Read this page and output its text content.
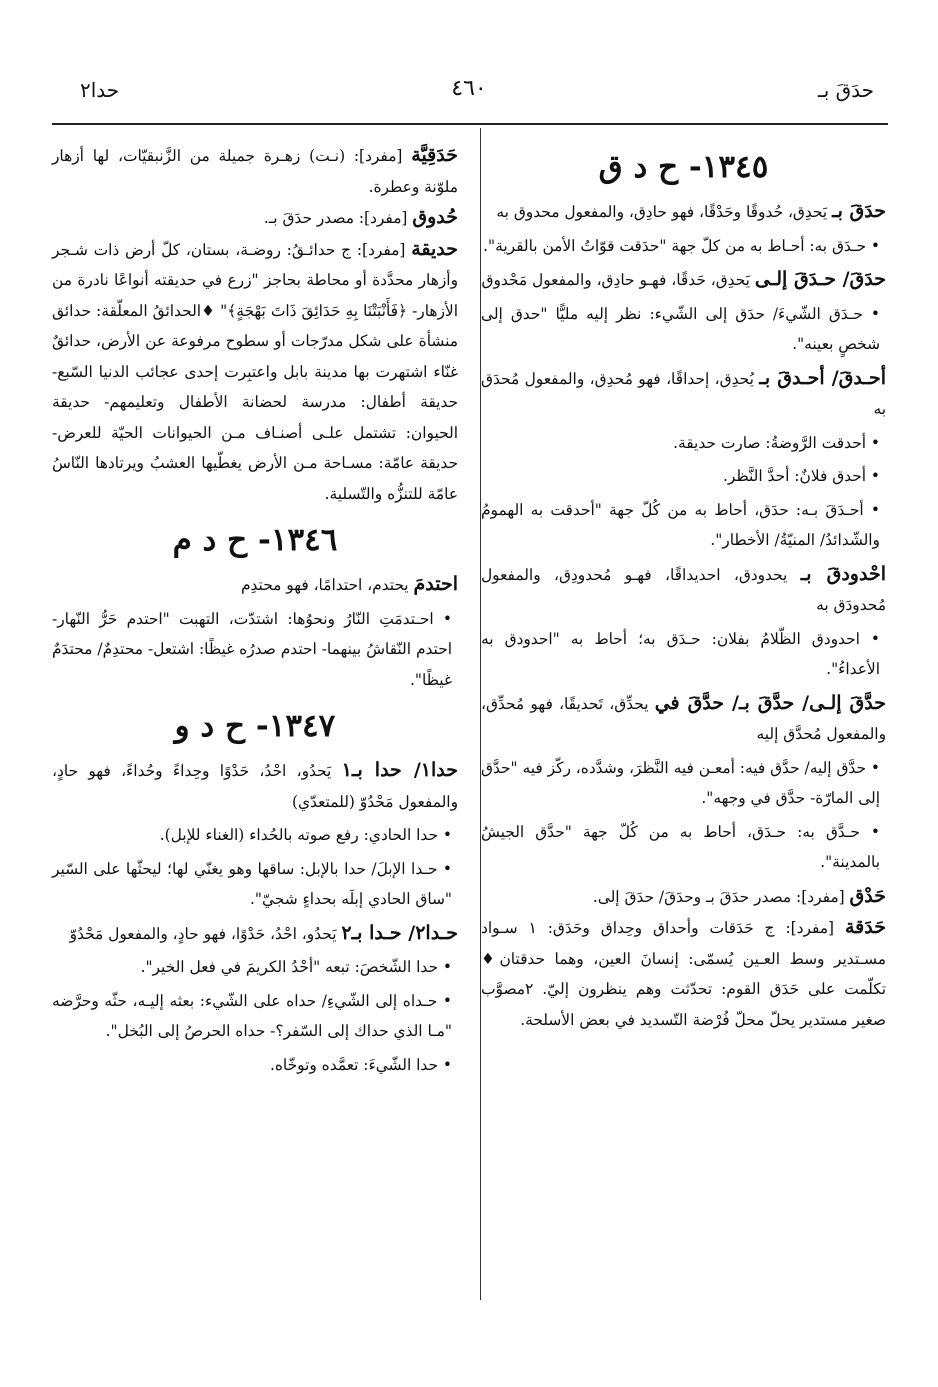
حدَقَ بـ
٤٦٠
حدا٢
١٣٤٥- ح د ق

حدَقَ بـ يَحدِق، حُدوقًا وحَدْقًا، فهو حادِق، والمفعول محدوق به

• حـدَق به: أحـاط به من كلّ جهة "حدَقت قوّاتُ الأمن بالقرية".

حدَقَ/ حـدَقَ إلـى يَحدِق، حَدقًا، فهـو حادِق، والمفعول مَحْدوق

• حـدَق الشّيءَ/ حدَق إلى الشّيء: نظر إليه مليًّا "حدق إلى شخصٍ بعينه".

أحـدقَ/ أحـدقَ بـ يُحدِق، إحداقًا، فهو مُحدِق، والمفعول مُحدَق به

• أحدقت الرَّوضةُ: صارت حديقة.

• أحدق فلانٌ: أحدَّ النَّظر.

• أحـدَقَ بـه: حدَق، أحاط به من كُلّ جهة "أحدقت به الهمومُ والشّدائدُ/ المنيّةُ/ الأخطار".

احْدودقَ بـ يحدودق، احديداقًا، فهـو مُحدودِق، والمفعول مُحدودَق به

• احدودق الظّلامُ بفلان: حـدَق به؛ أحاط به "احدودق به الأعداءُ".

حدَّقَ إلـى/ حدَّقَ بـ/ حدَّقَ في يحدِّق، تَحديقًا، فهو مُحدِّق، والمفعول مُحدَّق إليه

• حدَّق إليه/ حدَّق فيه: أمعـن فيه النَّظرَ، وشدَّده، ركّز فيه "حدَّق إلى المارّة- حدَّق في وجهه".

• حـدَّق به: حـدَق، أحاط به من كُلّ جهة "حدَّق الجيشُ بالمدينة".

حَدْق [مفرد]: مصدر حدَقَ بـ وحدَقَ/ حدَقَ إلى.

حَدَقة [مفرد]: ج حَدَقات وأحداق وحِداق وحَدَق: ١ سـواد مسـتدير وسط العـين يُسمّى: إنسانَ العين، وهما حدقتان♦ تكلّمت على حَدَق القوم: تحدّثت وهم ينظرون إليّ. ٢مصوَّب صغير مستدير يحلّ محلّ فُرْضة التّسديد في بعض الأسلحة.

حَدَقِيَّة [مفرد]: (نـت) زهـرة جميلة من الزَّنبقيّات، لها أزهار ملوّنة وعطرة.

حُدوق [مفرد]: مصدر حدَقَ بـ.

حديقة [مفرد]: ج حدائـقُ: روضـة، بستان، كلّ أرض ذات شـجر وأزهار محدَّدة أو محاطة بحاجز "زرع في حديقته أنواعًا نادرة من الأزهار- ﴿فَأَنْبَتْنَا بِهِ حَدَائِقَ ذَاتَ بَهْجَةٍ﴾" ♦الحدائقُ المعلّقة: حدائق منشأة على شكل مدرّجات أو سطوح مرفوعة عن الأرض، حدائقٌ غنّاء اشتهرت بها مدينة بابل واعتبِرت إحدى عجائب الدنيا السّبع- حديقة أطفال: مدرسة لحضانة الأطفال وتعليمهم- حديقة الحيوان: تشتمل علـى أصنـاف مـن الحيوانات الحيّة للعرض- حديقة عامّة: مسـاحة مـن الأرض يغطّيها العشبُ ويرتادها النّاسُ عامّة للتنزُّه والتّسلية.

١٣٤٦- ح د م

احتدمَ يحتدم، احتدامًا، فهو محتدِم

• احـتدمَتِ النّارُ ونحوُها: اشتدّت، التهبت "احتدم حَرُّ النّهار- احتدم النّقاشُ بينهما- احتدم صدرُه غيظًا: اشتعل- محتدِمٌ/ محتدَمٌ غيظًا".

١٣٤٧- ح د و

حدا١/ حدا بـ١ يَحدُو، احْدُ، حَدْوًا وحِداءً وحُداءً، فهو حادٍ، والمفعول مَحْدُوّ (للمتعدّي)

• حدا الحادي: رفع صوته بالحُداء (الغناء للإبل).

• حـدا الإبلَ/ حدا بالإبل: ساقها وهو يغنّي لها؛ ليحثّها على السّير "ساق الحادي إبلَه بحداءٍ شجيّ".

حـدا٢/ حـدا بـ٢ يَحدُو، احْدُ، حَدْوًا، فهو حادٍ، والمفعول مَحْدُوّ

• حدا الشّخصَ: تبعه "أحْدُ الكريمَ في فعل الخير".

• حـداه إلى الشّيءِ/ حداه على الشّيء: بعثه إليـه، حثّه وحرَّضه "مـا الذي حداك إلى السّفر؟- حداه الحرصُ إلى البُخل".

• حدا الشّيءَ: تعمَّده وتوخّاه.
